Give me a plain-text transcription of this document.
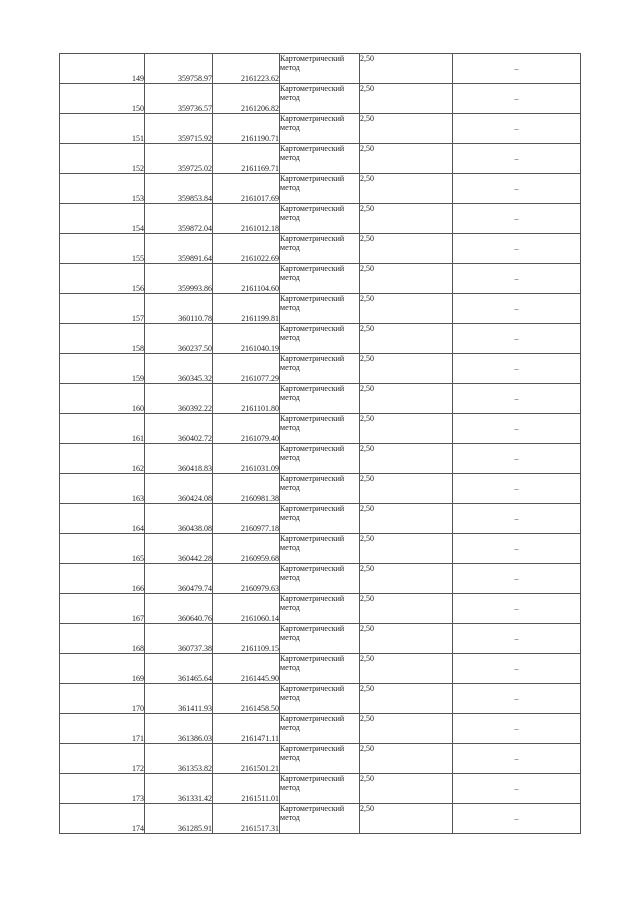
149	359758.97	2161223.62	Картометрический
метод	2,50	–
150	359736.57	2161206.82	Картометрический
метод	2,50	–
151	359715.92	2161190.71	Картометрический
метод	2,50	–
152	359725.02	2161169.71	Картометрический
метод	2,50	–
153	359853.84	2161017.69	Картометрический
метод	2,50	–
154	359872.04	2161012.18	Картометрический
метод	2,50	–
155	359891.64	2161022.69	Картометрический
метод	2,50	–
156	359993.86	2161104.60	Картометрический
метод	2,50	–
157	360110.78	2161199.81	Картометрический
метод	2,50	–
158	360237.50	2161040.19	Картометрический
метод	2,50	–
159	360345.32	2161077.29	Картометрический
метод	2,50	–
160	360392.22	2161101.80	Картометрический
метод	2,50	–
161	360402.72	2161079.40	Картометрический
метод	2,50	–
162	360418.83	2161031.09	Картометрический
метод	2,50	–
163	360424.08	2160981.38	Картометрический
метод	2,50	–
164	360438.08	2160977.18	Картометрический
метод	2,50	–
165	360442.28	2160959.68	Картометрический
метод	2,50	–
166	360479.74	2160979.63	Картометрический
метод	2,50	–
167	360640.76	2161060.14	Картометрический
метод	2,50	–
168	360737.38	2161109.15	Картометрический
метод	2,50	–
169	361465.64	2161445.90	Картометрический
метод	2,50	–
170	361411.93	2161458.50	Картометрический
метод	2,50	–
171	361386.03	2161471.11	Картометрический
метод	2,50	–
172	361353.82	2161501.21	Картометрический
метод	2,50	–
173	361331.42	2161511.01	Картометрический
метод	2,50	–
174	361285.91	2161517.31	Картометрический
метод	2,50	–
